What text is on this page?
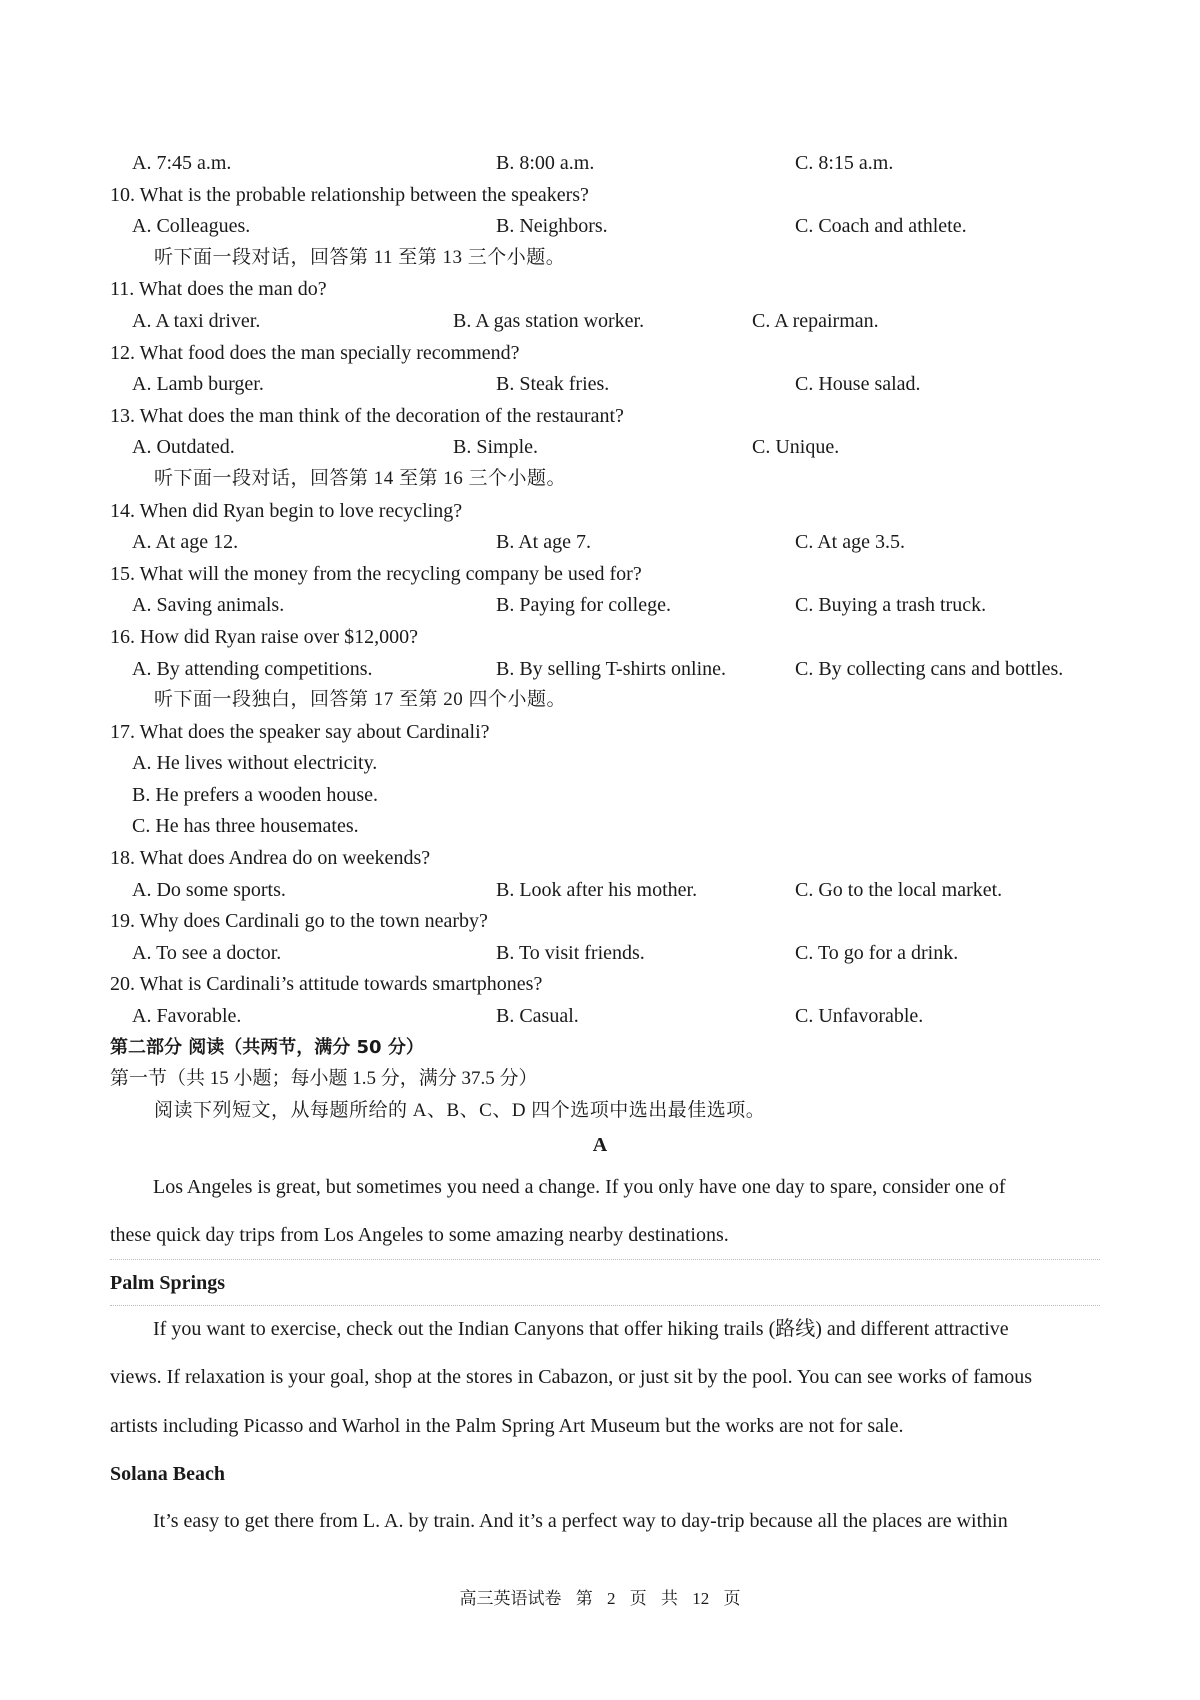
A. 7:45 a.m.	B. 8:00 a.m.	C. 8:15 a.m.
10. What is the probable relationship between the speakers?
A. Colleagues.	B. Neighbors.	C. Coach and athlete.
听下面一段对话，回答第 11 至第 13 三个小题。
11. What does the man do?
A. A taxi driver.	B. A gas station worker.	C. A repairman.
12. What food does the man specially recommend?
A. Lamb burger.	B. Steak fries.	C. House salad.
13. What does the man think of the decoration of the restaurant?
A. Outdated.	B. Simple.	C. Unique.
听下面一段对话，回答第 14 至第 16 三个小题。
14. When did Ryan begin to love recycling?
A. At age 12.	B. At age 7.	C. At age 3.5.
15. What will the money from the recycling company be used for?
A. Saving animals.	B. Paying for college.	C. Buying a trash truck.
16. How did Ryan raise over $12,000?
A. By attending competitions.	B. By selling T-shirts online.	C. By collecting cans and bottles.
听下面一段独白，回答第 17 至第 20 四个小题。
17. What does the speaker say about Cardinali?
A. He lives without electricity.
B. He prefers a wooden house.
C. He has three housemates.
18. What does Andrea do on weekends?
A. Do some sports.	B. Look after his mother.	C. Go to the local market.
19. Why does Cardinali go to the town nearby?
A. To see a doctor.	B. To visit friends.	C. To go for a drink.
20. What is Cardinali’s attitude towards smartphones?
A. Favorable.	B. Casual.	C. Unfavorable.
第二部分 阅读（共两节，满分 50 分）
第一节（共 15 小题；每小题 1.5 分，满分 37.5 分）
阅读下列短文，从每题所给的 A、B、C、D 四个选项中选出最佳选项。
A
Los Angeles is great, but sometimes you need a change. If you only have one day to spare, consider one of
these quick day trips from Los Angeles to some amazing nearby destinations.
Palm Springs
If you want to exercise, check out the Indian Canyons that offer hiking trails (路线) and different attractive
views. If relaxation is your goal, shop at the stores in Cabazon, or just sit by the pool. You can see works of famous
artists including Picasso and Warhol in the Palm Spring Art Museum but the works are not for sale.
Solana Beach
It’s easy to get there from L. A. by train. And it’s a perfect way to day-trip because all the places are within
高三英语试卷 第 2 页 共 12 页
